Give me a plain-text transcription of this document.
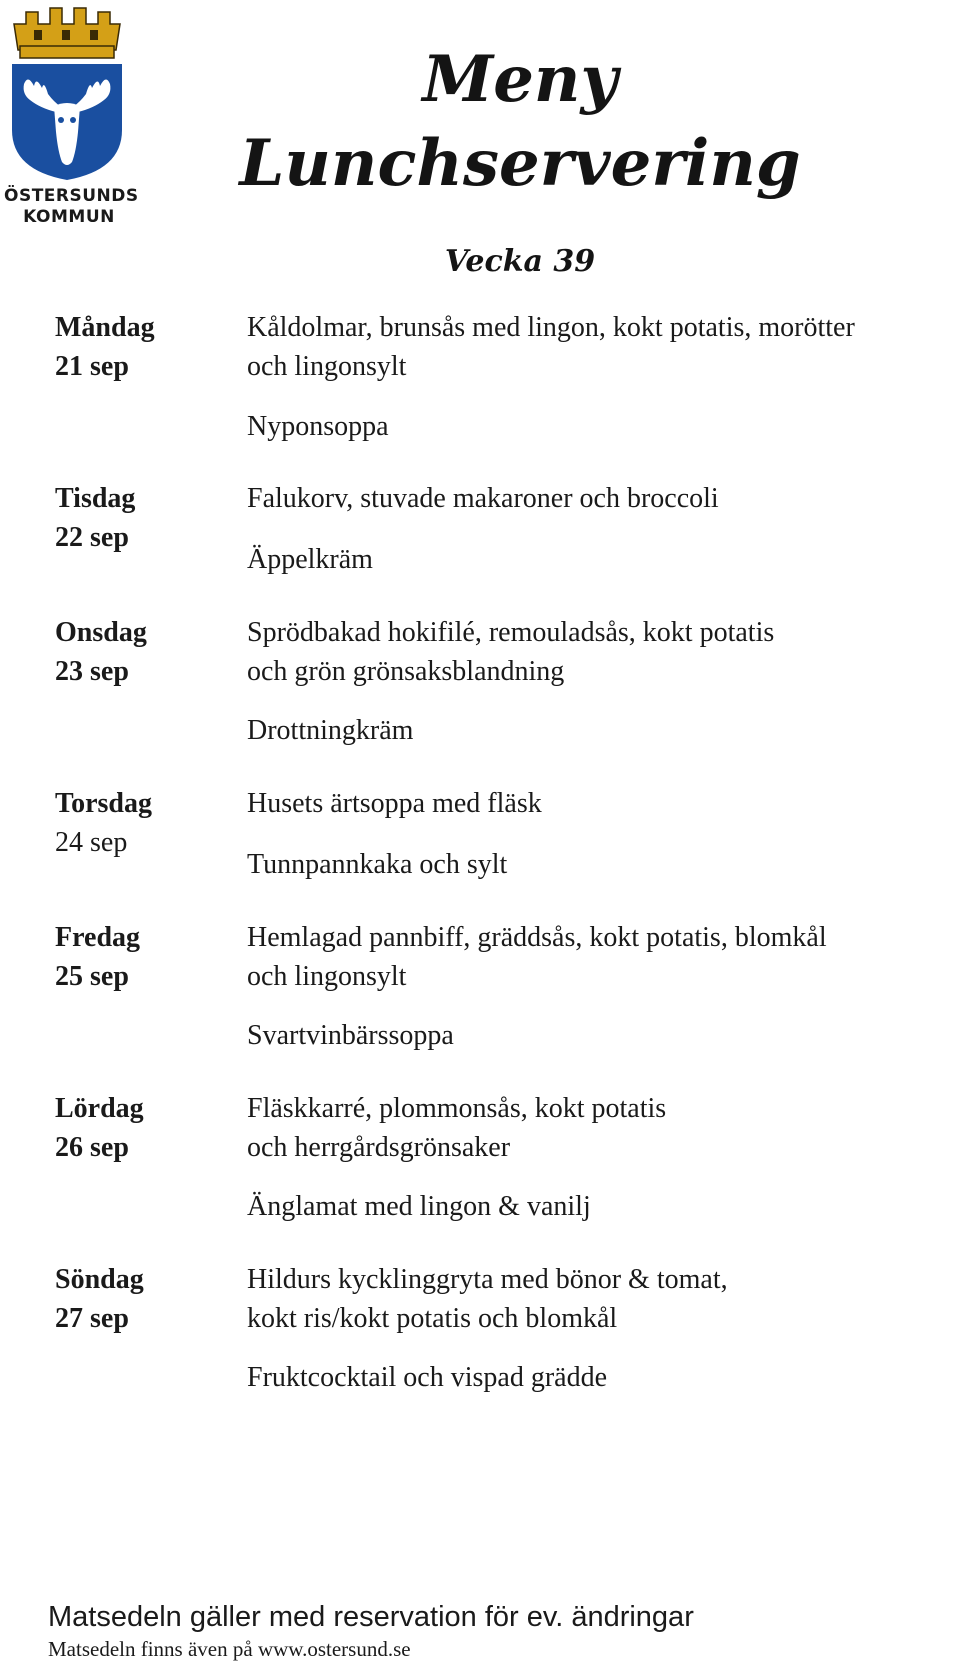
ÖSTERSUNDS
KOMMUN
Meny
Lunchservering
Vecka 39
Måndag
21 sep
Kåldolmar, brunsås med lingon, kokt potatis, morötter
och lingonsylt
Nyponsoppa
Tisdag
22 sep
Falukorv, stuvade makaroner och broccoli
Äppelkräm
Onsdag
23 sep
Sprödbakad hokifilé, remouladsås, kokt potatis
och grön grönsaksblandning
Drottningkräm
Torsdag
24 sep
Husets ärtsoppa med fläsk
Tunnpannkaka och sylt
Fredag
25 sep
Hemlagad pannbiff, gräddsås, kokt potatis, blomkål
och lingonsylt
Svartvinbärssoppa
Lördag
26 sep
Fläskkarré, plommonsås, kokt potatis
och herrgårdsgrönsaker
Änglamat med lingon & vanilj
Söndag
27 sep
Hildurs kycklinggryta med bönor & tomat,
kokt ris/kokt potatis och blomkål
Fruktcocktail och vispad grädde
Matsedeln gäller med reservation för ev. ändringar
Matsedeln finns även på www.ostersund.se
